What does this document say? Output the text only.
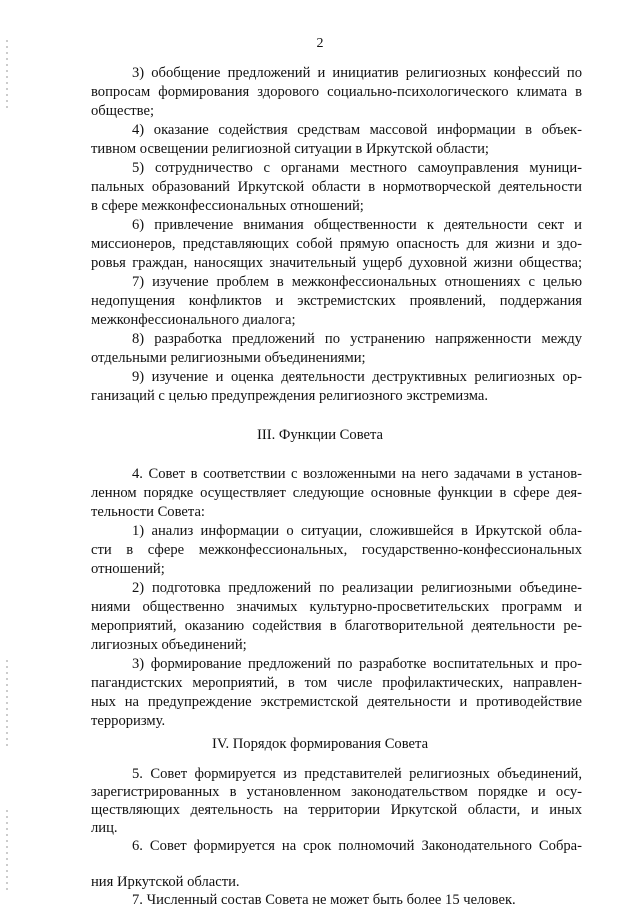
2
3) обобщение предложений и инициатив религиозных конфессий по
вопросам формирования здорового социально-психологического климата в
обществе;
4) оказание содействия средствам массовой информации в объек-
тивном освещении религиозной ситуации в Иркутской области;
5) сотрудничество с органами местного самоуправления муници-
пальных образований Иркутской области в нормотворческой деятельности
в сфере межконфессиональных отношений;
6) привлечение внимания общественности к деятельности сект и
миссионеров, представляющих собой прямую опасность для жизни и здо-
ровья граждан, наносящих значительный ущерб духовной жизни общества;
7) изучение проблем в межконфессиональных отношениях с целью
недопущения конфликтов и экстремистских проявлений, поддержания
межконфессионального диалога;
8) разработка предложений по устранению напряженности между
отдельными религиозными объединениями;
9) изучение и оценка деятельности деструктивных религиозных ор-
ганизаций с целью предупреждения религиозного экстремизма.
III. Функции Совета
4. Совет в соответствии с возложенными на него задачами в установ-
ленном порядке осуществляет следующие основные функции в сфере дея-
тельности Совета:
1) анализ информации о ситуации, сложившейся в Иркутской обла-
сти в сфере межконфессиональных, государственно-конфессиональных
отношений;
2) подготовка предложений по реализации религиозными объедине-
ниями общественно значимых культурно-просветительских программ и
мероприятий, оказанию содействия в благотворительной деятельности ре-
лигиозных объединений;
3) формирование предложений по разработке воспитательных и про-
пагандистских мероприятий, в том числе профилактических, направлен-
ных на предупреждение экстремистской деятельности и противодействие
терроризму.
IV. Порядок формирования Совета
5. Совет формируется из представителей религиозных объединений,
зарегистрированных в установленном законодательством порядке и осу-
ществляющих деятельность на территории Иркутской области, и иных
лиц.
6. Совет формируется на срок полномочий Законодательного Собра-
ния Иркутской области.
7. Численный состав Совета не может быть более 15 человек.
